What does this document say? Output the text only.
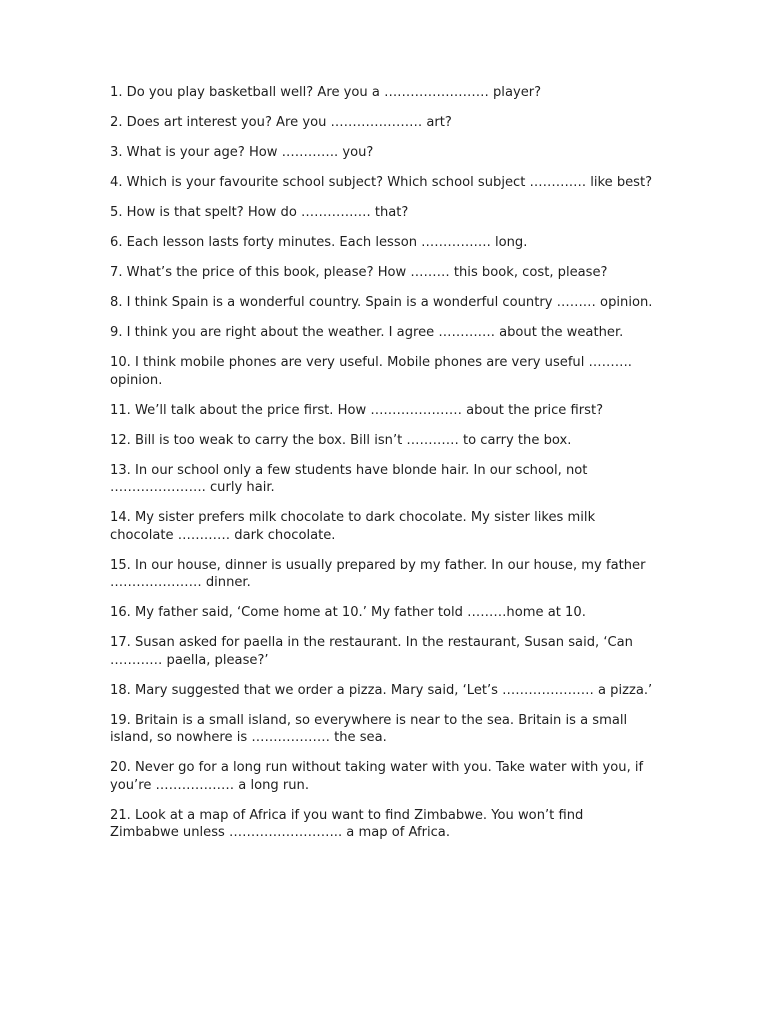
1. Do you play basketball well? Are you a …………………… player?
2. Does art interest you? Are you ………………… art?
3. What is your age? How …………. you?
4. Which is your favourite school subject? Which school subject …………. like best?
5. How is that spelt? How do ……………. that?
6. Each lesson lasts forty minutes. Each lesson ……………. long.
7. What’s the price of this book, please? How ……… this book, cost, please?
8. I think Spain is a wonderful country. Spain is a wonderful country ……… opinion.
9. I think you are right about the weather. I agree …………. about the weather.
10. I think mobile phones are very useful. Mobile phones are very useful ………. opinion.
11. We’ll talk about the price first. How ………………… about the price first?
12. Bill is too weak to carry the box. Bill isn’t ………… to carry the box.
13. In our school only a few students have blonde hair. In our school, not …………………. curly hair.
14. My sister prefers milk chocolate to dark chocolate. My sister likes milk chocolate ………… dark chocolate.
15. In our house, dinner is usually prepared by my father. In our house, my father ………………… dinner.
16. My father said, ‘Come home at 10.’ My father told ………home at 10.
17. Susan asked for paella in the restaurant. In the restaurant, Susan said, ‘Can ………… paella, please?’
18. Mary suggested that we order a pizza. Mary said, ‘Let’s ………………… a pizza.’
19. Britain is a small island, so everywhere is near to the sea. Britain is a small island, so nowhere is ……………… the sea.
20. Never go for a long run without taking water with you. Take water with you, if you’re ……………… a long run.
21. Look at a map of Africa if you want to find Zimbabwe. You won’t find Zimbabwe unless …………………….. a map of Africa.
